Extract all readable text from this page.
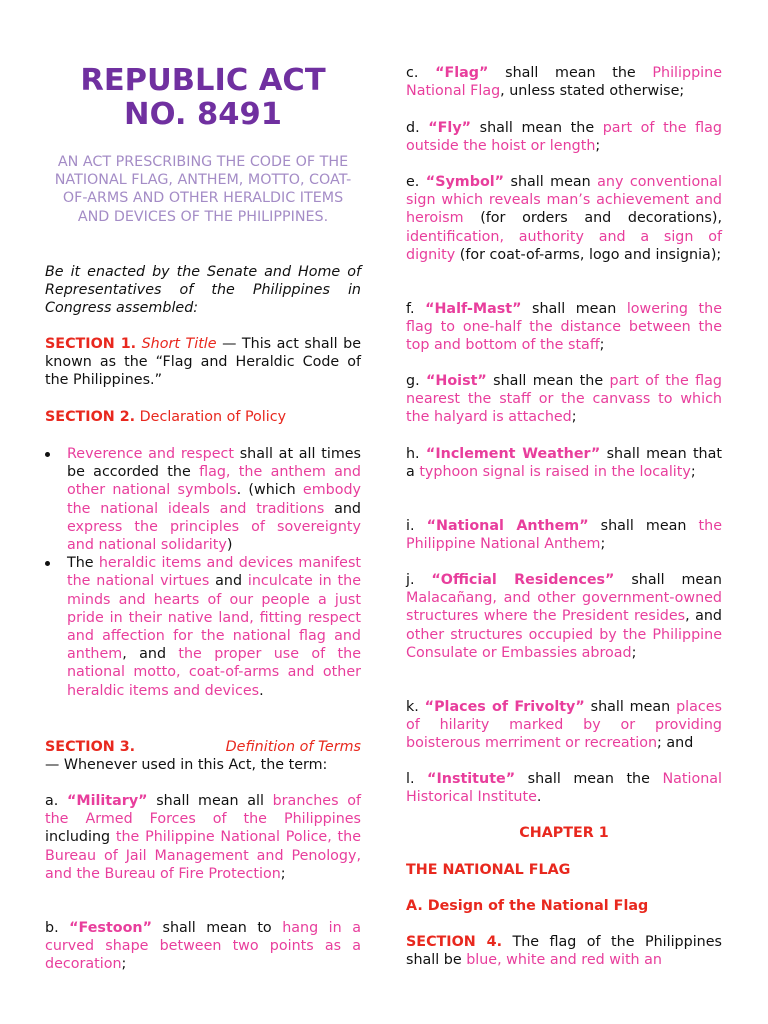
REPUBLIC ACT NO. 8491
AN ACT PRESCRIBING THE CODE OF THE NATIONAL FLAG, ANTHEM, MOTTO, COAT-OF-ARMS AND OTHER HERALDIC ITEMS AND DEVICES OF THE PHILIPPINES.
Be it enacted by the Senate and Home of Representatives of the Philippines in Congress assembled:
SECTION 1. Short Title — This act shall be known as the “Flag and Heraldic Code of the Philippines.”
SECTION 2. Declaration of Policy
Reverence and respect shall at all times be accorded the flag, the anthem and other national symbols. (which embody the national ideals and traditions and express the principles of sovereignty and national solidarity)
The heraldic items and devices manifest the national virtues and inculcate in the minds and hearts of our people a just pride in their native land, fitting respect and affection for the national flag and anthem, and the proper use of the national motto, coat-of-arms and other heraldic items and devices.
SECTION 3.	Definition of Terms
— Whenever used in this Act, the term:
a. “Military” shall mean all branches of the Armed Forces of the Philippines including the Philippine National Police, the Bureau of Jail Management and Penology, and the Bureau of Fire Protection;
b. “Festoon” shall mean to hang in a curved shape between two points as a decoration;
c. “Flag” shall mean the Philippine National Flag, unless stated otherwise;
d. “Fly” shall mean the part of the flag outside the hoist or length;
e. “Symbol” shall mean any conventional sign which reveals man’s achievement and heroism (for orders and decorations), identification, authority and a sign of dignity (for coat-of-arms, logo and insignia);
f. “Half-Mast” shall mean lowering the flag to one-half the distance between the top and bottom of the staff;
g. “Hoist” shall mean the part of the flag nearest the staff or the canvass to which the halyard is attached;
h. “Inclement Weather” shall mean that a typhoon signal is raised in the locality;
i. “National Anthem” shall mean the Philippine National Anthem;
j. “Official Residences” shall mean Malacañang, and other government-owned structures where the President resides, and other structures occupied by the Philippine Consulate or Embassies abroad;
k. “Places of Frivolty” shall mean places of hilarity marked by or providing boisterous merriment or recreation; and
l. “Institute” shall mean the National Historical Institute.
CHAPTER 1
THE NATIONAL FLAG
A. Design of the National Flag
SECTION 4. The flag of the Philippines shall be blue, white and red with an
